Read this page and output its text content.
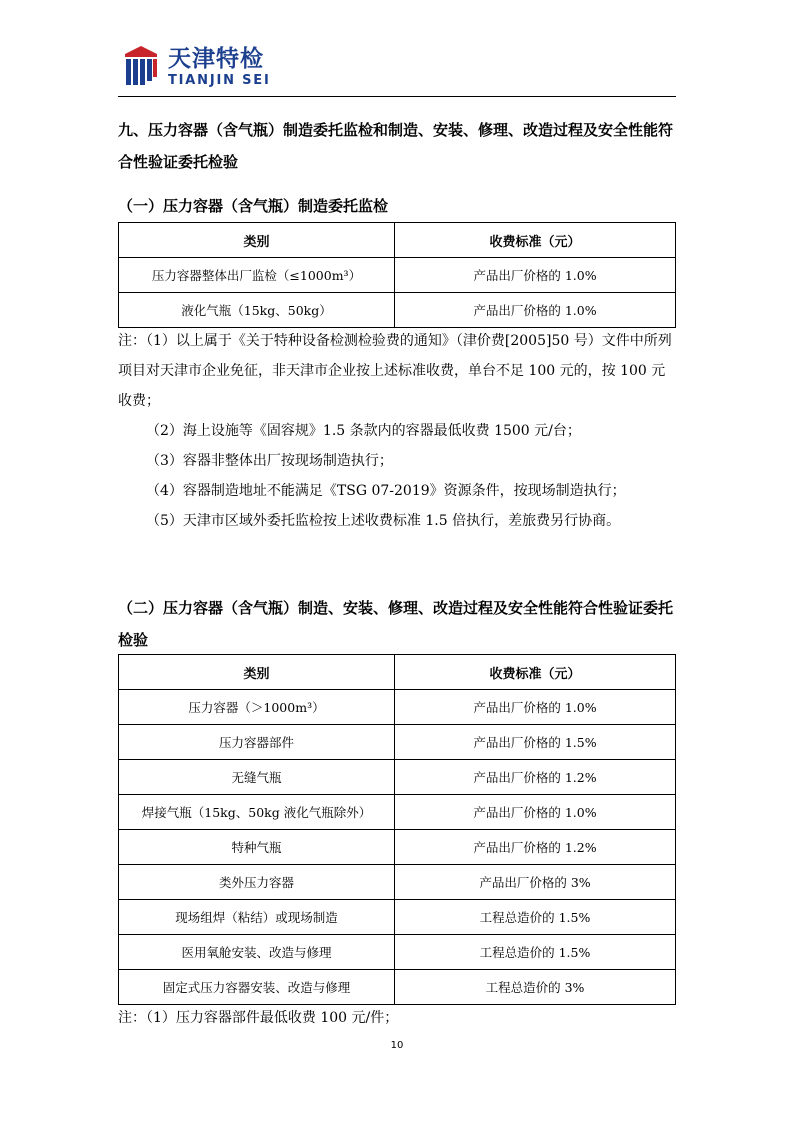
天津特检
TIANJIN SEI
九、压力容器（含气瓶）制造委托监检和制造、安装、修理、改造过程及安全性能符合性验证委托检验
（一）压力容器（含气瓶）制造委托监检
类别	收费标准（元）
压力容器整体出厂监检（≤1000m³）	产品出厂价格的 1.0%
液化气瓶（15kg、50kg）	产品出厂价格的 1.0%

注：（1）以上属于《关于特种设备检测检验费的通知》（津价费[2005]50 号）文件中所列项目对天津市企业免征，非天津市企业按上述标准收费，单台不足 100 元的，按 100 元收费；

（2）海上设施等《固容规》1.5 条款内的容器最低收费 1500 元/台；

（3）容器非整体出厂按现场制造执行；

（4）容器制造地址不能满足《TSG 07-2019》资源条件，按现场制造执行；

（5）天津市区域外委托监检按上述收费标准 1.5 倍执行，差旅费另行协商。

（二）压力容器（含气瓶）制造、安装、修理、改造过程及安全性能符合性验证委托检验
类别	收费标准（元）
压力容器（＞1000m³）	产品出厂价格的 1.0%
压力容器部件	产品出厂价格的 1.5%
无缝气瓶	产品出厂价格的 1.2%
焊接气瓶（15kg、50kg 液化气瓶除外）	产品出厂价格的 1.0%
特种气瓶	产品出厂价格的 1.2%
类外压力容器	产品出厂价格的 3%
现场组焊（粘结）或现场制造	工程总造价的 1.5%
医用氧舱安装、改造与修理	工程总造价的 1.5%
固定式压力容器安装、改造与修理	工程总造价的 3%

注：（1）压力容器部件最低收费 100 元/件；

10
